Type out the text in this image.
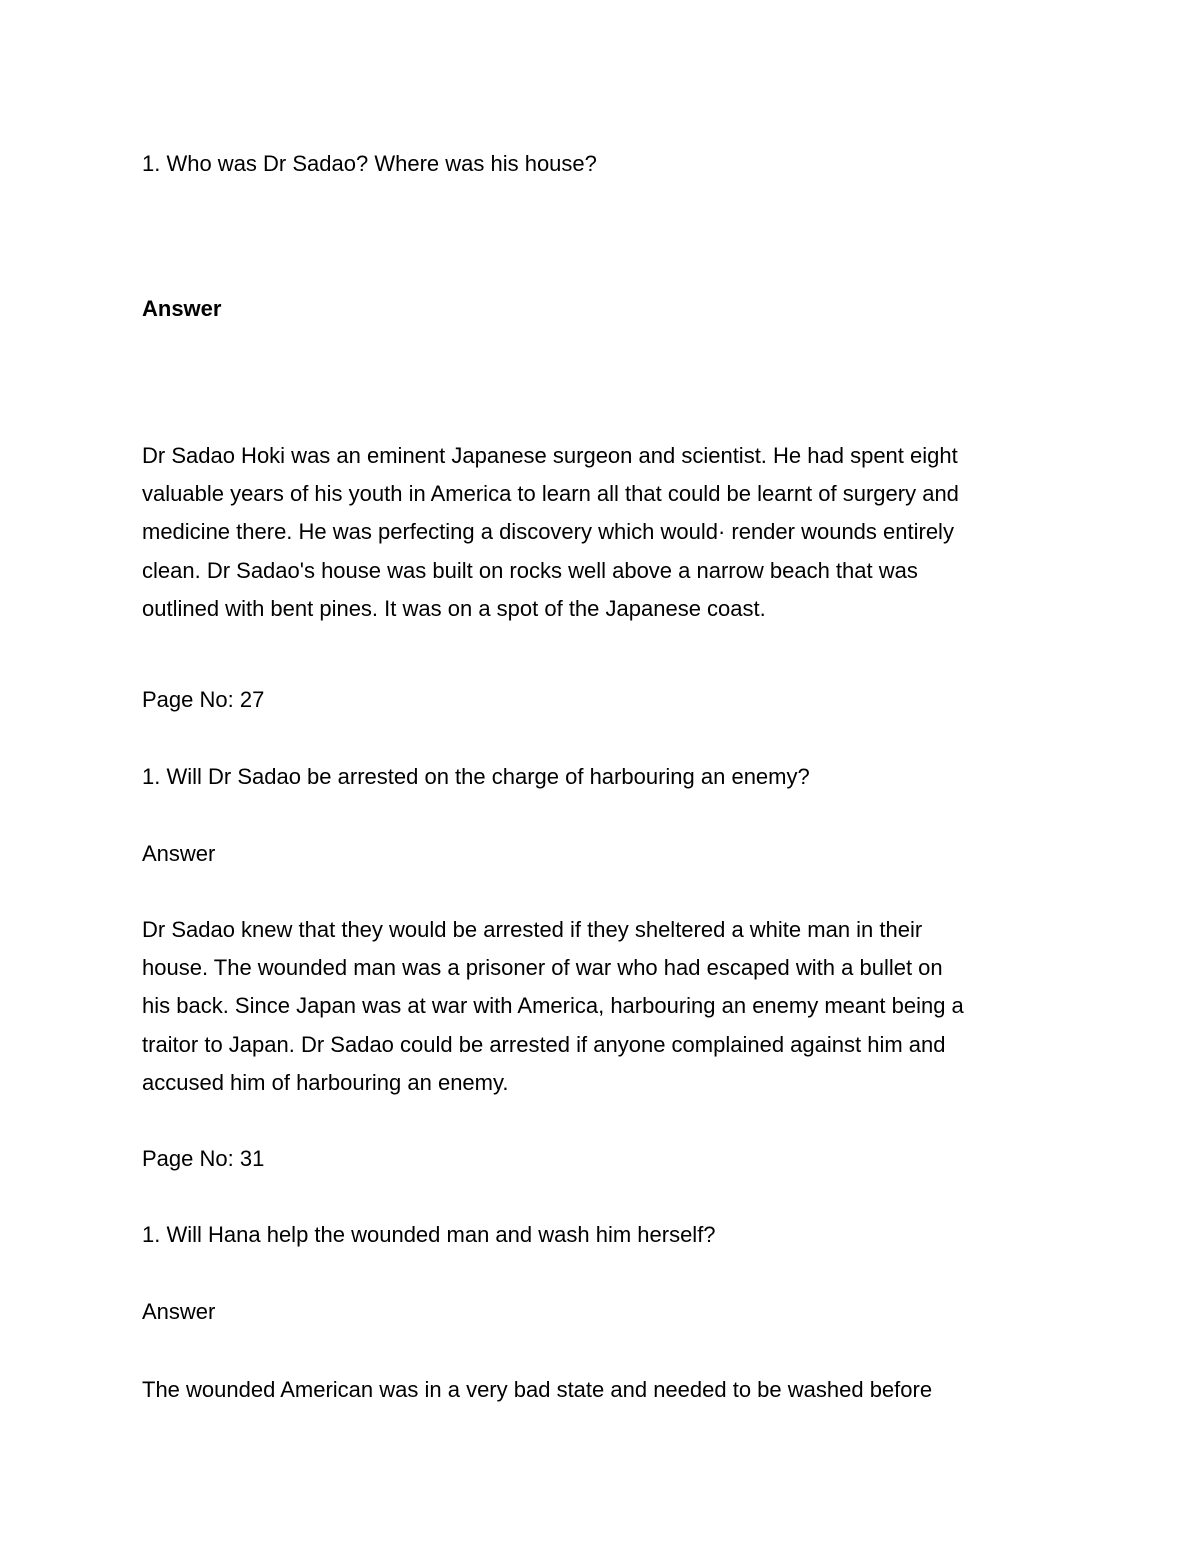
1. Who was Dr Sadao? Where was his house?

Answer

Dr Sadao Hoki was an eminent Japanese surgeon and scientist. He had spent eight
valuable years of his youth in America to learn all that could be learnt of surgery and
medicine there. He was perfecting a discovery which would· render wounds entirely
clean. Dr Sadao's house was built on rocks well above a narrow beach that was
outlined with bent pines. It was on a spot of the Japanese coast.

Page No: 27

1. Will Dr Sadao be arrested on the charge of harbouring an enemy?

Answer

Dr Sadao knew that they would be arrested if they sheltered a white man in their
house. The wounded man was a prisoner of war who had escaped with a bullet on
his back. Since Japan was at war with America, harbouring an enemy meant being a
traitor to Japan. Dr Sadao could be arrested if anyone complained against him and
accused him of harbouring an enemy.

Page No: 31

1. Will Hana help the wounded man and wash him herself?

Answer

The wounded American was in a very bad state and needed to be washed before
